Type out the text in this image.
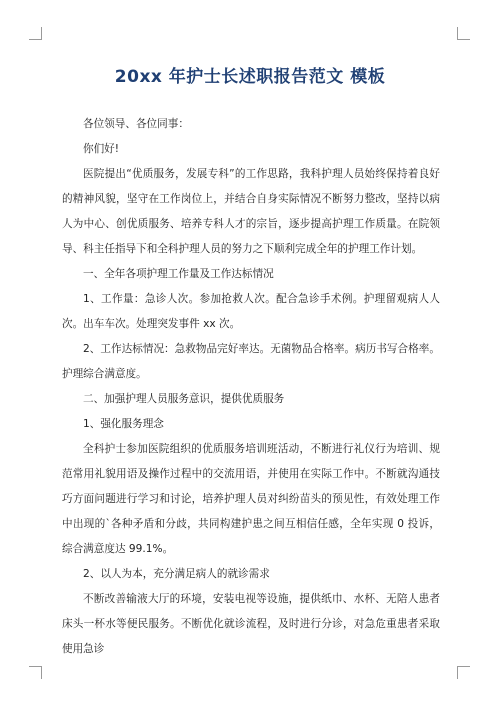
20xx 年护士长述职报告范文 模板

各位领导、各位同事：

你们好!

医院提出“优质服务，发展专科”的工作思路，我科护理人员始终保持着良好的精神风貌，坚守在工作岗位上，并结合自身实际情况不断努力整改，坚持以病人为中心、创优质服务、培养专科人才的宗旨，逐步提高护理工作质量。在院领导、科主任指导下和全科护理人员的努力之下顺利完成全年的护理工作计划。

一、全年各项护理工作量及工作达标情况

1、工作量：急诊人次。参加抢救人次。配合急诊手术例。护理留观病人人次。出车车次。处理突发事件 xx 次。

2、工作达标情况：急救物品完好率达。无菌物品合格率。病历书写合格率。护理综合满意度。

二、加强护理人员服务意识，提供优质服务

1、强化服务理念

全科护士参加医院组织的优质服务培训班活动，不断进行礼仪行为培训、规范常用礼貌用语及操作过程中的交流用语，并使用在实际工作中。不断就沟通技巧方面问题进行学习和讨论，培养护理人员对纠纷苗头的预见性，有效处理工作中出现的`各种矛盾和分歧，共同构建护患之间互相信任感，全年实现 0 投诉，综合满意度达 99.1%。

2、以人为本，充分满足病人的就诊需求

不断改善输液大厅的环境，安装电视等设施，提供纸巾、水杯、无陪人患者床头一杯水等便民服务。不断优化就诊流程，及时进行分诊，对急危重患者采取使用急诊
